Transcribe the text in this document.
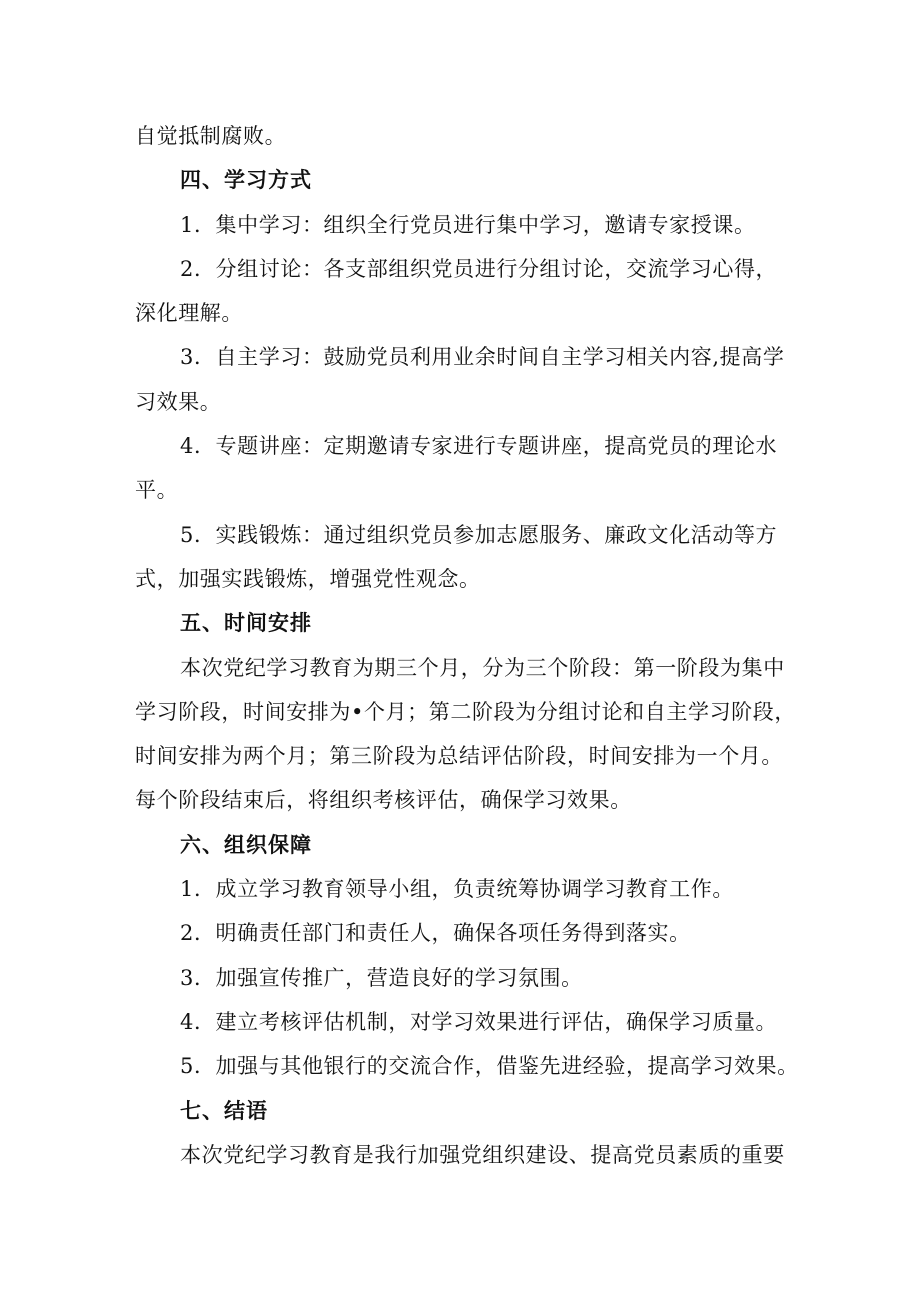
自觉抵制腐败。
四、学习方式
1．集中学习：组织全行党员进行集中学习，邀请专家授课。
2．分组讨论：各支部组织党员进行分组讨论，交流学习心得，
深化理解。
3．自主学习：鼓励党员利用业余时间自主学习相关内容,提高学
习效果。
4．专题讲座：定期邀请专家进行专题讲座，提高党员的理论水
平。
5．实践锻炼：通过组织党员参加志愿服务、廉政文化活动等方
式，加强实践锻炼，增强党性观念。
五、时间安排
本次党纪学习教育为期三个月，分为三个阶段：第一阶段为集中
学习阶段，时间安排为•个月；第二阶段为分组讨论和自主学习阶段，
时间安排为两个月；第三阶段为总结评估阶段，时间安排为一个月。
每个阶段结束后，将组织考核评估，确保学习效果。
六、组织保障
1．成立学习教育领导小组，负责统筹协调学习教育工作。
2．明确责任部门和责任人，确保各项任务得到落实。
3．加强宣传推广，营造良好的学习氛围。
4．建立考核评估机制，对学习效果进行评估，确保学习质量。
5．加强与其他银行的交流合作，借鉴先进经验，提高学习效果。
七、结语
本次党纪学习教育是我行加强党组织建设、提高党员素质的重要
